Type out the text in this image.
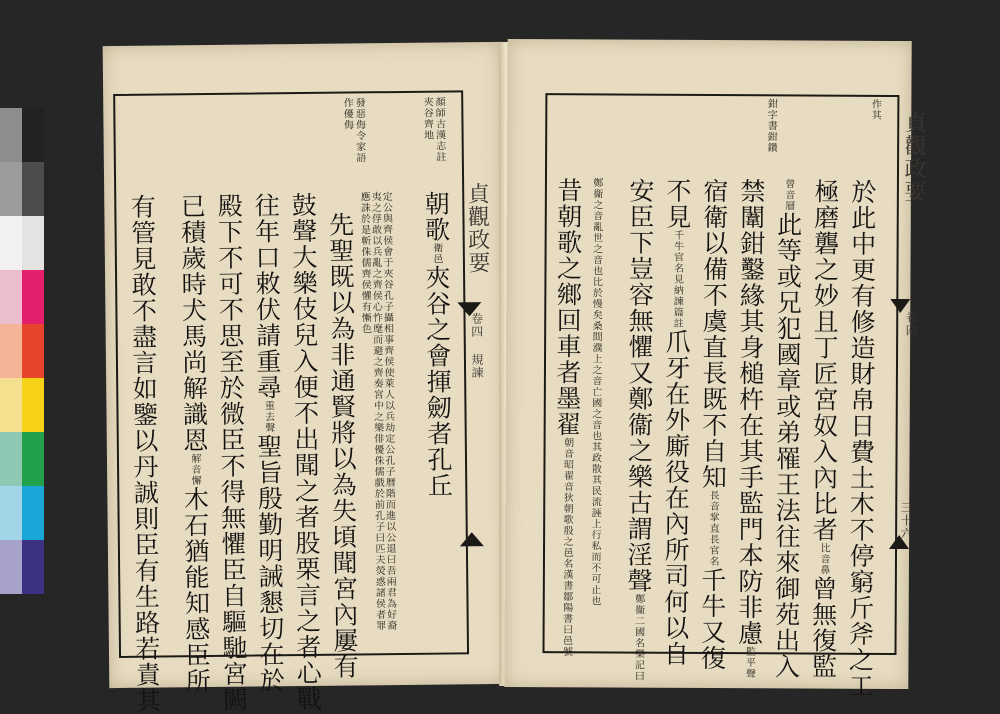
貞觀政要
卷四 規諫
顏師古漢志註
夾谷齊地
發惡侮令家語
作優侮
朝歌衛邑夾谷之會揮劒者孔丘
定公與齊侯會于夾谷孔子攝相事齊侯使萊人以兵劫定公孔子曆階而進以公退曰吾兩君為好裔夷之俘敢以兵亂之齊侯心怍麾而避之齊奏宮中之樂俳優侏儒戲於前孔子曰匹夫熒惑諸侯者罪應誅於是斬侏儒齊侯懼有慚色
先聖既以為非通賢將以為失頃聞宮內屢有
鼓聲大樂伎兒入便不出聞之者股栗言之者心戰
往年口敕伏請重尋重去聲聖旨殷勤明誡懇切在於
殿下不可不思至於微臣不得無懼臣自驅馳宮闕
已積歲時犬馬尚解識恩解音懈木石猶能知感臣所
有管見敢不盡言如鑒以丹誠則臣有生路若責其
貞觀政要
卷四
三十六
作其
鉗字書鉗鑽
於此中更有修造財帛日費土木不停窮斤斧之工
極磨礱之妙且丁匠宮奴入內比者比音鼻曾無復監
曾音層此等或兄犯國章或弟罹王法往來御苑出入
禁闈鉗鑿緣其身槌杵在其手監門本防非慮監平聲
宿衛以備不虞直長既不自知長音掌直長官名千牛又復
不見千牛官名見納諫篇註爪牙在外廝役在內所司何以自
安臣下豈容無懼又鄭衞之樂古謂淫聲鄭衞二國名樂記曰
鄭衞之音亂世之音也比於慢矣桑間濮上之音亡國之音也其政散其民流誣上行私而不可止也
昔朝歌之鄉回車者墨翟朝音昭翟音狄朝歌殷之邑名漢書鄒陽書曰邑號
